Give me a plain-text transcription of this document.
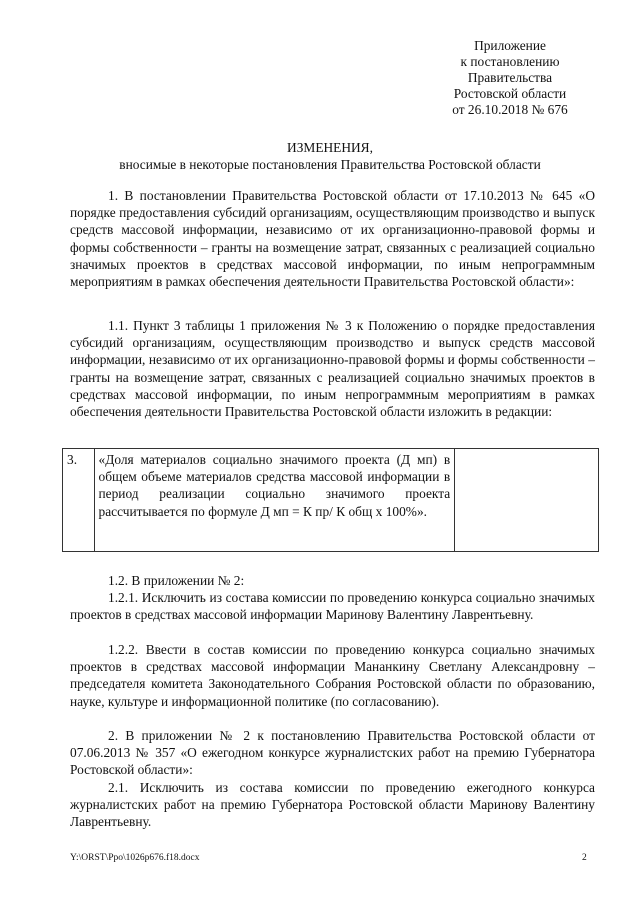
Приложение
к постановлению
Правительства
Ростовской области
от 26.10.2018 № 676
ИЗМЕНЕНИЯ,
вносимые в некоторые постановления Правительства Ростовской области

1. В постановлении Правительства Ростовской области от 17.10.2013 № 645 «О порядке предоставления субсидий организациям, осуществляющим производство и выпуск средств массовой информации, независимо от их организационно-правовой формы и формы собственности – гранты на возмещение затрат, связанных с реализацией социально значимых проектов в средствах массовой информации, по иным непрограммным мероприятиям в рамках обеспечения деятельности Правительства Ростовской области»:

1.1. Пункт 3 таблицы 1 приложения № 3 к Положению о порядке предоставления субсидий организациям, осуществляющим производство и выпуск средств массовой информации, независимо от их организационно-правовой формы и формы собственности – гранты на возмещение затрат, связанных с реализацией социально значимых проектов в средствах массовой информации, по иным непрограммным мероприятиям в рамках обеспечения деятельности Правительства Ростовской области изложить в редакции:

3.	«Доля материалов социально значимого проекта (Д мп) в общем объеме материалов средства массовой информации в период реализации социально значимого проекта рассчитывается по формуле Д мп = К пр/ К общ х 100%».	

1.2. В приложении № 2:

1.2.1. Исключить из состава комиссии по проведению конкурса социально значимых проектов в средствах массовой информации Маринову Валентину Лаврентьевну.

1.2.2. Ввести в состав комиссии по проведению конкурса социально значимых проектов в средствах массовой информации Мананкину Светлану Александровну – председателя комитета Законодательного Собрания Ростовской области по образованию, науке, культуре и информационной политике (по согласованию).

2. В приложении № 2 к постановлению Правительства Ростовской области от 07.06.2013 № 357 «О ежегодном конкурсе журналистских работ на премию Губернатора Ростовской области»:

2.1. Исключить из состава комиссии по проведению ежегодного конкурса журналистских работ на премию Губернатора Ростовской области Маринову Валентину Лаврентьевну.

Y:\ORST\Ppo\1026p676.f18.docx	2
